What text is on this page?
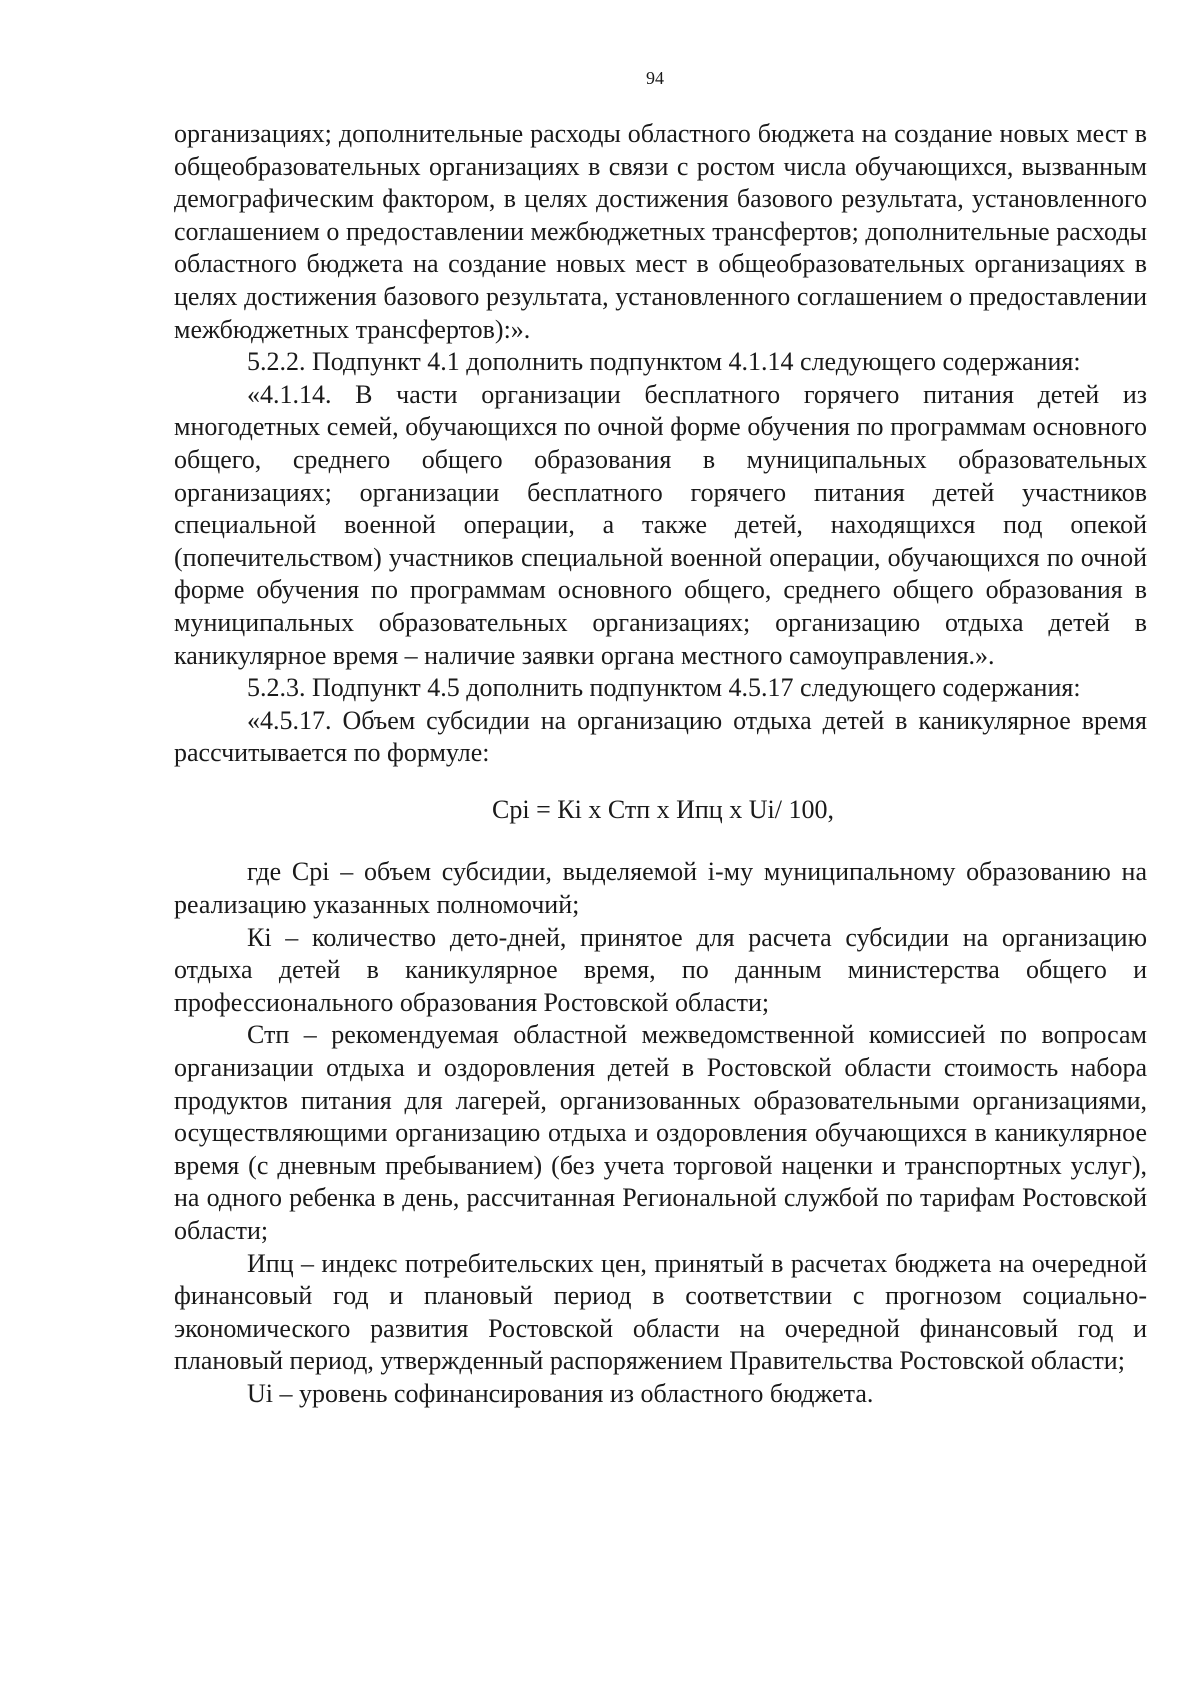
94

организациях; дополнительные расходы областного бюджета на создание новых мест в общеобразовательных организациях в связи с ростом числа обучающихся, вызванным демографическим фактором, в целях достижения базового результата, установленного соглашением о предоставлении межбюджетных трансфертов; дополнительные расходы областного бюджета на создание новых мест в общеобразовательных организациях в целях достижения базового результата, установленного соглашением о предоставлении межбюджетных трансфертов):».

5.2.2. Подпункт 4.1 дополнить подпунктом 4.1.14 следующего содержания:

«4.1.14. В части организации бесплатного горячего питания детей из многодетных семей, обучающихся по очной форме обучения по программам основного общего, среднего общего образования в муниципальных образовательных организациях; организации бесплатного горячего питания детей участников специальной военной операции, а также детей, находящихся под опекой (попечительством) участников специальной военной операции, обучающихся по очной форме обучения по программам основного общего, среднего общего образования в муниципальных образовательных организациях; организацию отдыха детей в каникулярное время – наличие заявки органа местного самоуправления.».

5.2.3. Подпункт 4.5 дополнить подпунктом 4.5.17 следующего содержания:

«4.5.17. Объем субсидии на организацию отдыха детей в каникулярное время рассчитывается по формуле:

Срi = Кi х Стп х Ипц х Ui/ 100,

где Срi – объем субсидии, выделяемой i-му муниципальному образованию на реализацию указанных полномочий;

Кi – количество дето-дней, принятое для расчета субсидии на организацию отдыха детей в каникулярное время, по данным министерства общего и профессионального образования Ростовской области;

Стп – рекомендуемая областной межведомственной комиссией по вопросам организации отдыха и оздоровления детей в Ростовской области стоимость набора продуктов питания для лагерей, организованных образовательными организациями, осуществляющими организацию отдыха и оздоровления обучающихся в каникулярное время (с дневным пребыванием) (без учета торговой наценки и транспортных услуг), на одного ребенка в день, рассчитанная Региональной службой по тарифам Ростовской области;

Ипц – индекс потребительских цен, принятый в расчетах бюджета на очередной финансовый год и плановый период в соответствии с прогнозом социально-экономического развития Ростовской области на очередной финансовый год и плановый период, утвержденный распоряжением Правительства Ростовской области;

Ui – уровень софинансирования из областного бюджета.
